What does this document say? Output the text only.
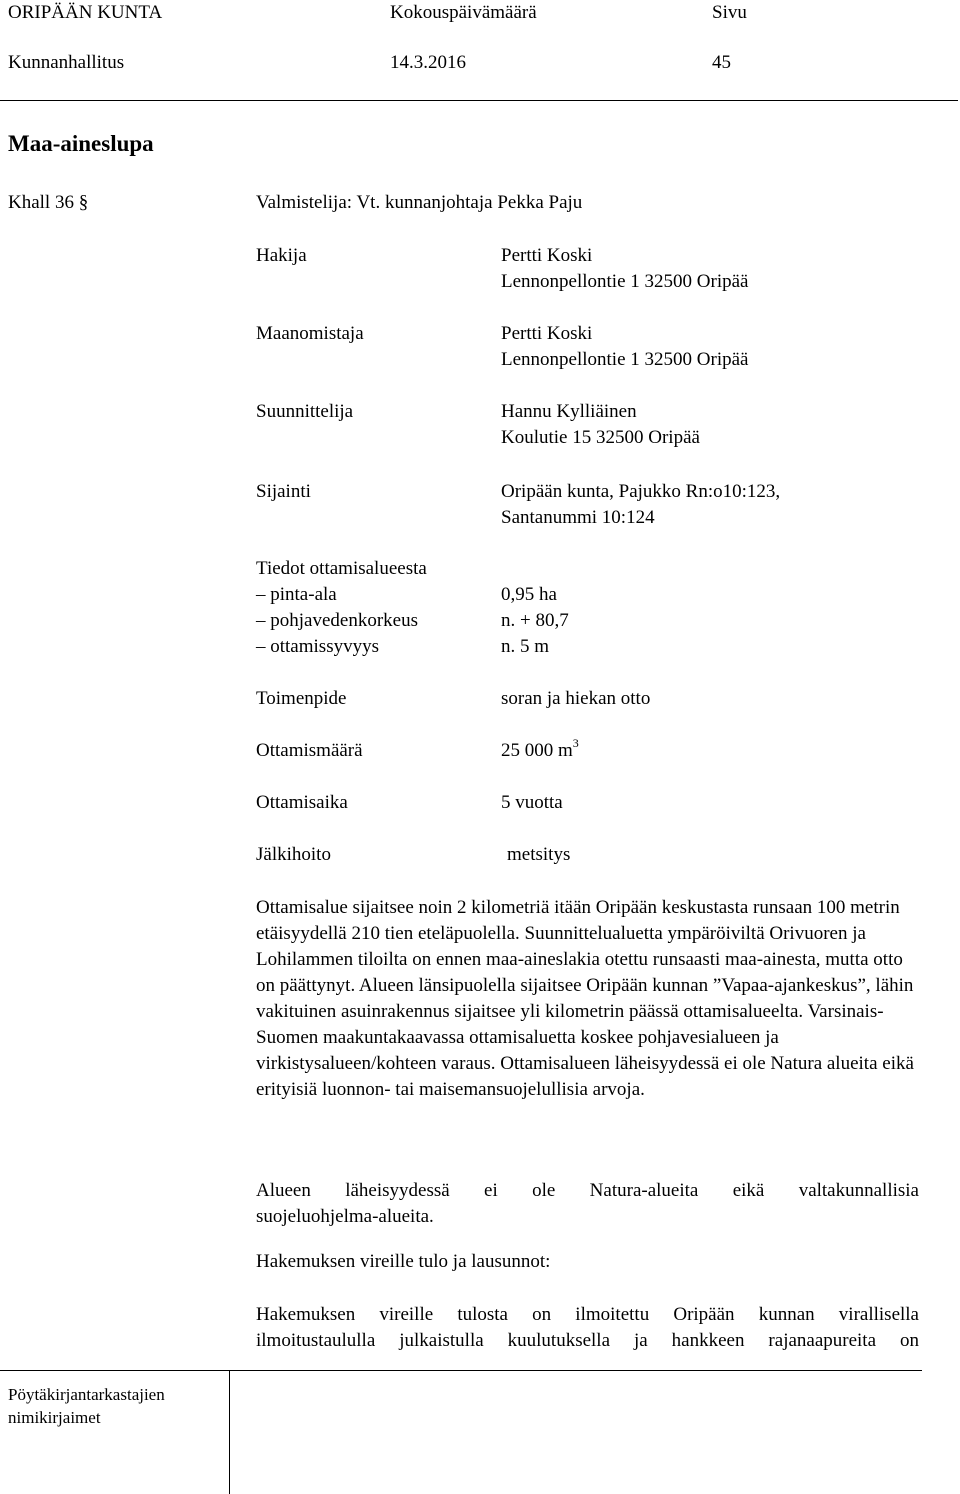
ORIPÄÄN KUNTA	Kokouspäivämäärä	Sivu
Kunnanhallitus	14.3.2016	45
Maa-aineslupa
Khall 36 §	Valmistelija: Vt. kunnanjohtaja Pekka Paju
Hakija	Pertti Koski
Lennonpellontie 1 32500 Oripää
Maanomistaja	Pertti Koski
Lennonpellontie 1 32500 Oripää
Suunnittelija	Hannu Kylliäinen
Koulutie 15 32500 Oripää
Sijainti	Oripään kunta, Pajukko Rn:o10:123,
Santanummi 10:124
Tiedot ottamisalueesta
– pinta-ala	0,95 ha
– pohjavedenkorkeus	n. + 80,7
– ottamissyvyys	n. 5 m
Toimenpide	soran ja hiekan otto
Ottamismäärä	25 000 $m^3$
Ottamisaika	5 vuotta
Jälkihoito	metsitys
Ottamisalue sijaitsee noin 2 kilometriä itään Oripään keskustasta runsaan 100 metrin etäisyydellä 210 tien eteläpuolella. Suunnittelualuetta ympäröiviltä Orivuoren ja Lohilammen tiloilta on ennen maa-aineslakia otettu runsaasti maa-ainesta, mutta otto on päättynyt. Alueen länsipuolella sijaitsee Oripään kunnan ”Vapaa-ajankeskus”, lähin vakituinen asuinrakennus sijaitsee yli kilometrin päässä ottamisalueelta. Varsinais-Suomen maakuntakaavassa ottamisaluetta koskee pohjavesialueen ja virkistysalueen/kohteen varaus. Ottamisalueen läheisyydessä ei ole Natura alueita eikä erityisiä luonnon- tai maisemansuojelullisia arvoja.
Alueen läheisyydessä ei ole Natura-alueita eikä valtakunnallisia
suojeluohjelma-alueita.
Hakemuksen vireille tulo ja lausunnot:
Hakemuksen vireille tulosta on ilmoitettu Oripään kunnan virallisella
ilmoitustaululla julkaistulla kuulutuksella ja hankkeen rajanaapureita on
Pöytäkirjantarkastajien
nimikirjaimet
